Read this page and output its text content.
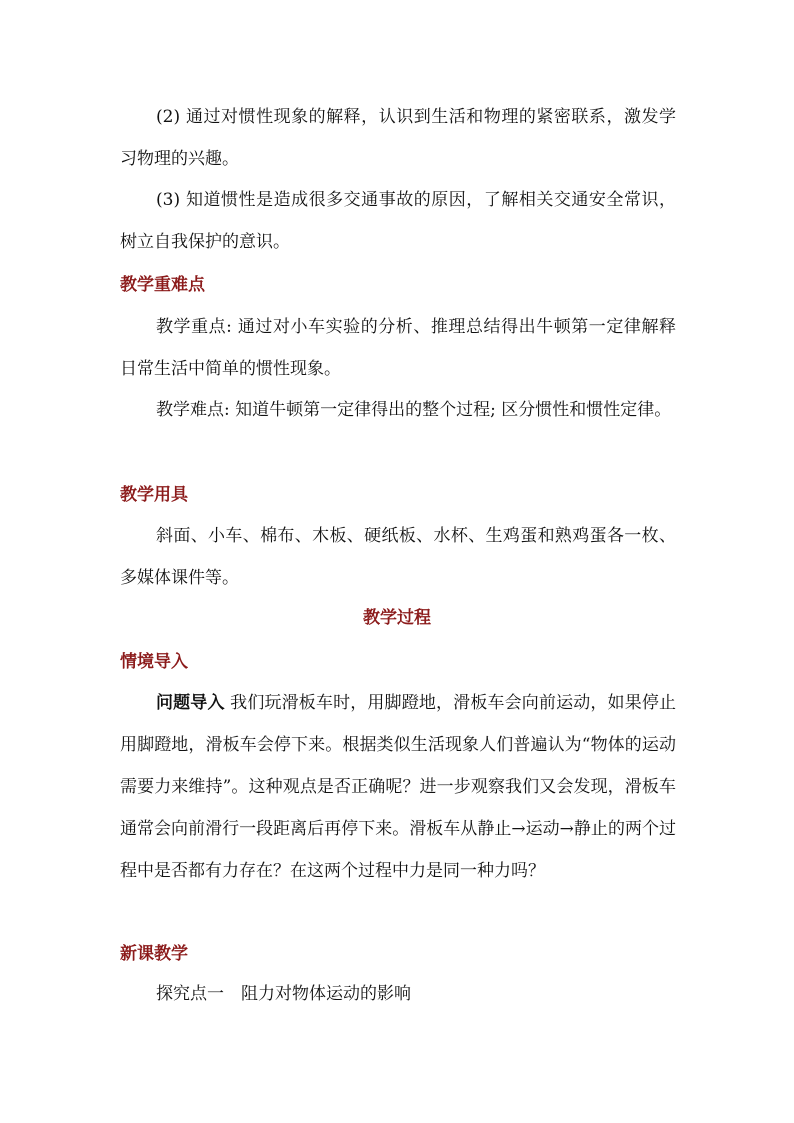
(2) 通过对惯性现象的解释，认识到生活和物理的紧密联系，激发学习物理的兴趣。

(3) 知道惯性是造成很多交通事故的原因，了解相关交通安全常识，树立自我保护的意识。

教学重难点

教学重点: 通过对小车实验的分析、推理总结得出牛顿第一定律解释日常生活中简单的惯性现象。

教学难点: 知道牛顿第一定律得出的整个过程; 区分惯性和惯性定律。

教学用具

斜面、小车、棉布、木板、硬纸板、水杯、生鸡蛋和熟鸡蛋各一枚、多媒体课件等。

教学过程
情境导入

问题导入 我们玩滑板车时，用脚蹬地，滑板车会向前运动，如果停止用脚蹬地，滑板车会停下来。根据类似生活现象人们普遍认为“物体的运动需要力来维持”。这种观点是否正确呢？进一步观察我们又会发现，滑板车通常会向前滑行一段距离后再停下来。滑板车从静止→运动→静止的两个过程中是否都有力存在？在这两个过程中力是同一种力吗？

新课教学

探究点一　阻力对物体运动的影响
